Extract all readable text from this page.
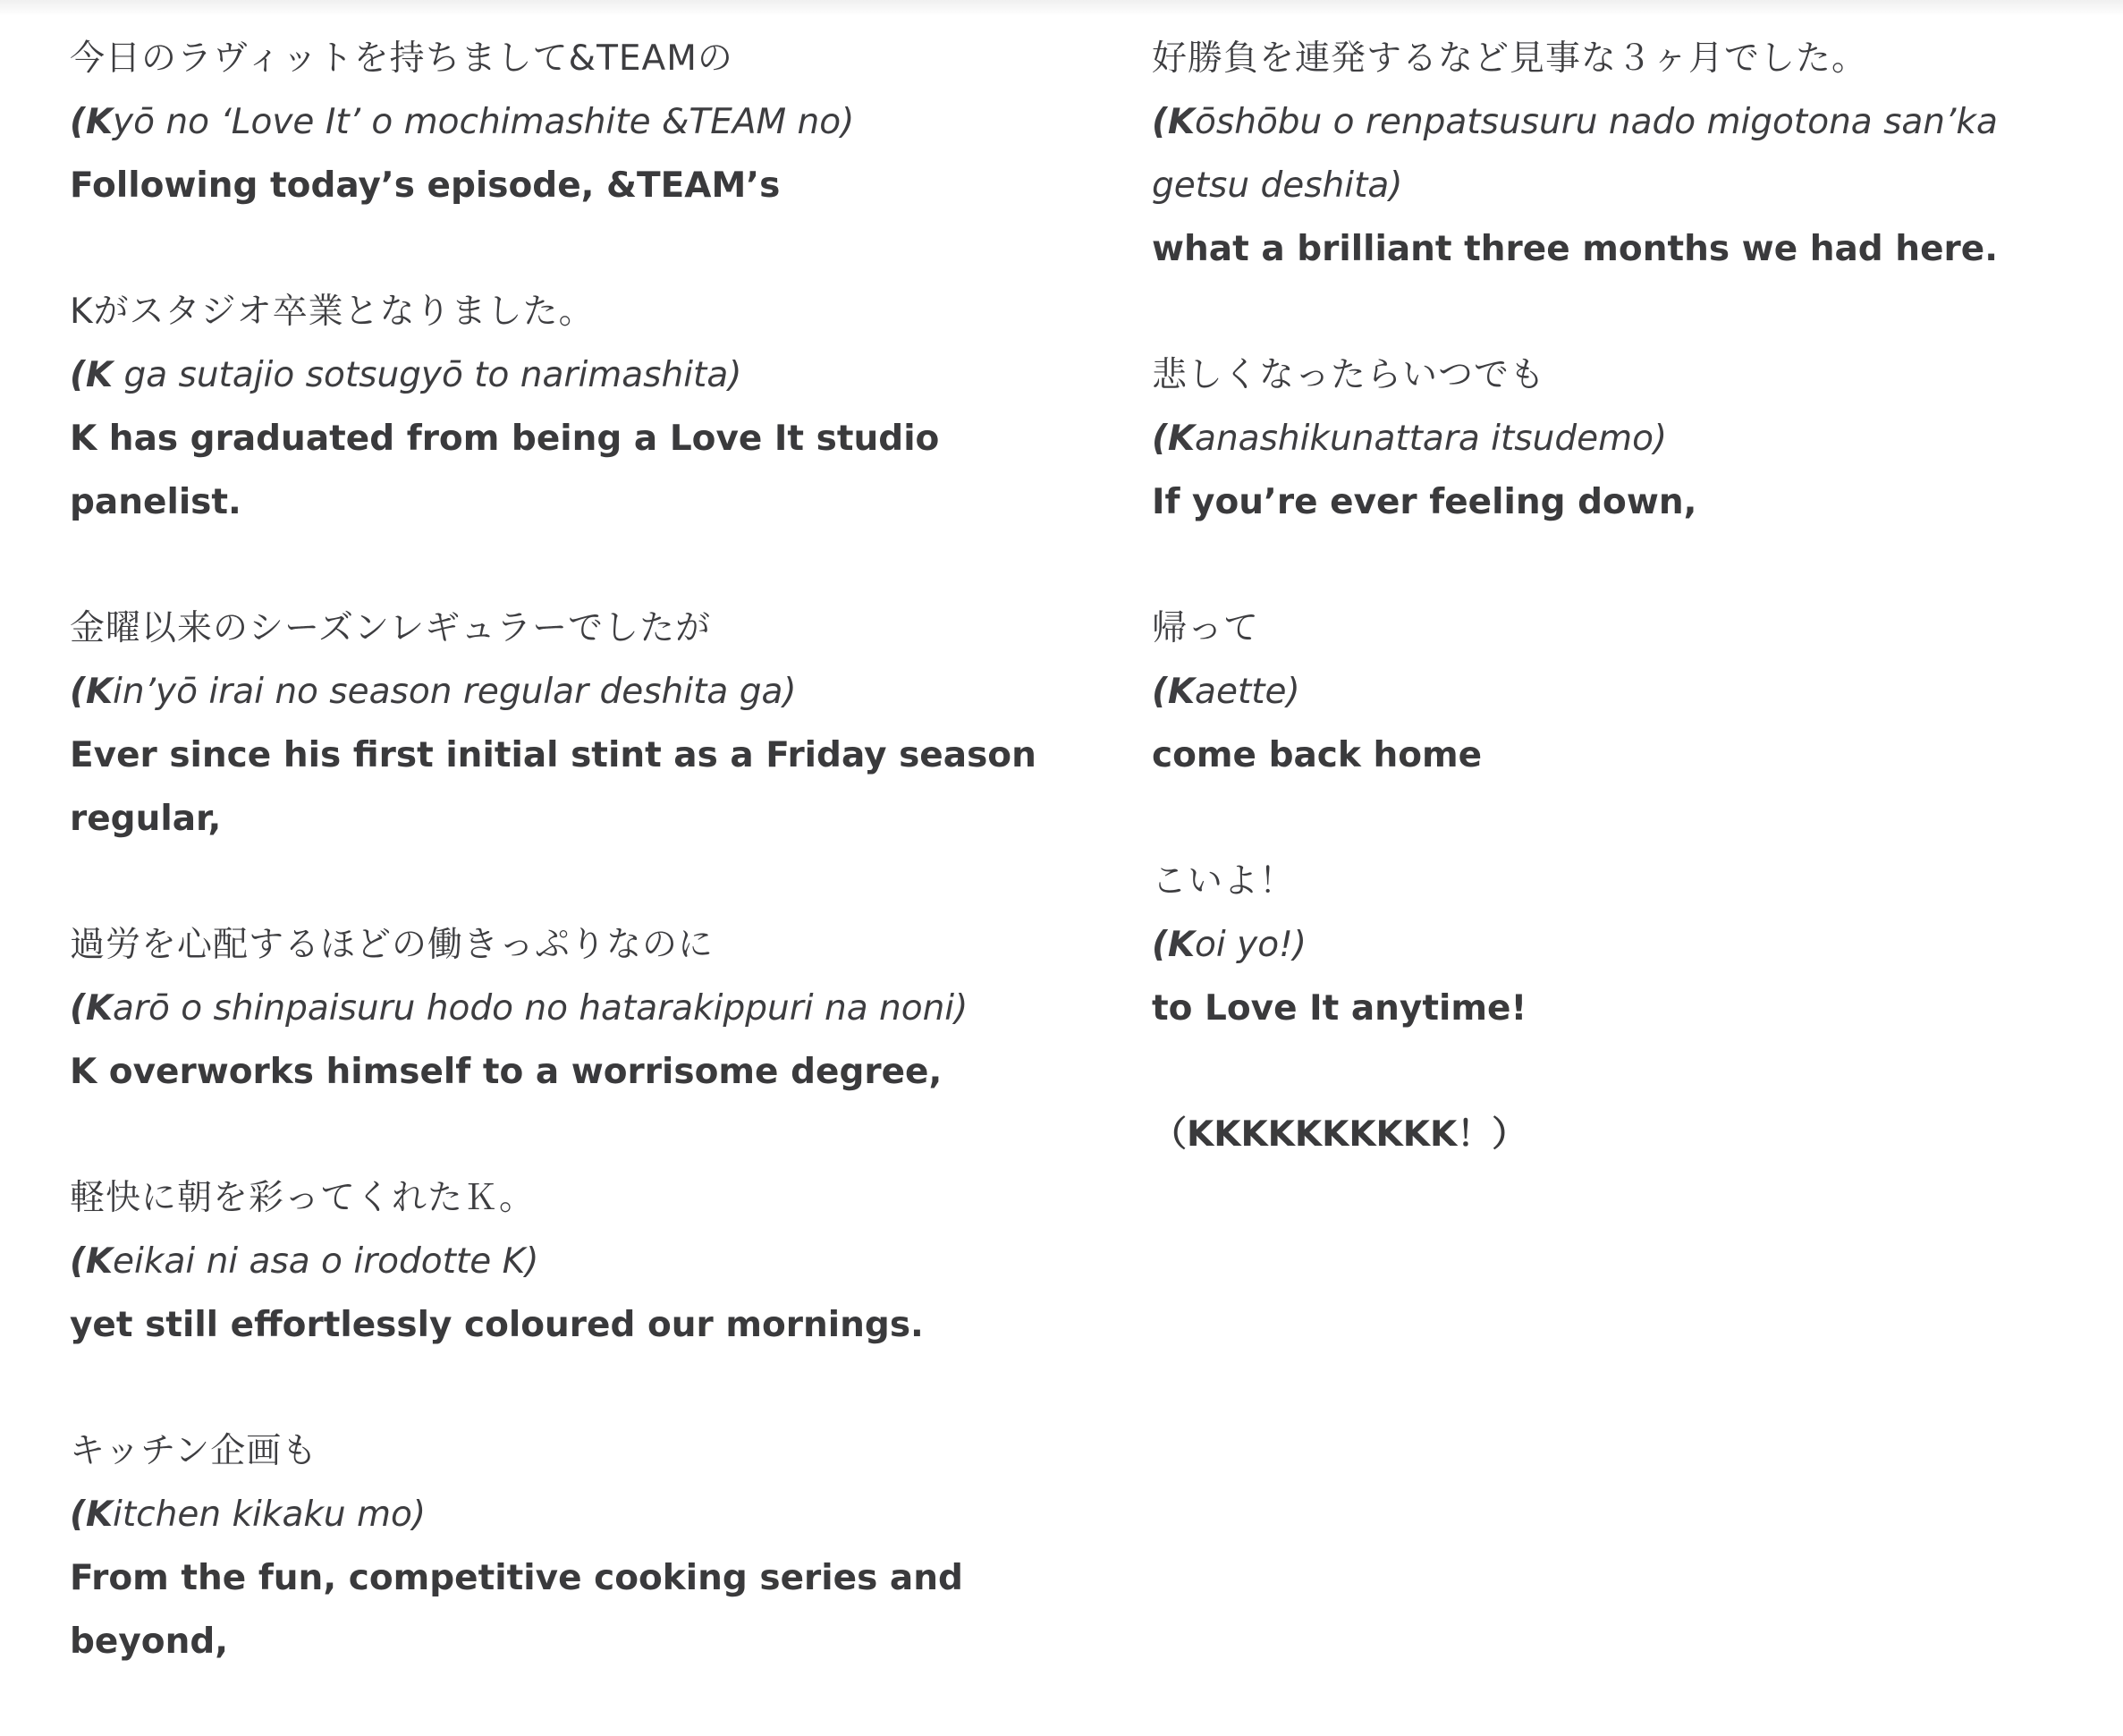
今日のラヴィットを持ちまして&TEAMの
(Kyō no ‘Love It’ o mochimashite &TEAM no)
Following today’s episode, &TEAM’s
Kがスタジオ卒業となりました。
(K ga sutajio sotsugyō to narimashita)
K has graduated from being a Love It studio
panelist.
金曜以来のシーズンレギュラーでしたが
(Kin’yō irai no season regular deshita ga)
Ever since his first initial stint as a Friday season
regular,
過労を心配するほどの働きっぷりなのに
(Karō o shinpaisuru hodo no hatarakippuri na noni)
K overworks himself to a worrisome degree,
軽快に朝を彩ってくれたＫ。
(Keikai ni asa o irodotte K)
yet still effortlessly coloured our mornings.
キッチン企画も
(Kitchen kikaku mo)
From the fun, competitive cooking series and
beyond,
好勝負を連発するなど見事な３ヶ月でした。
(Kōshōbu o renpatsusuru nado migotona san’ka
getsu deshita)
what a brilliant three months we had here.
悲しくなったらいつでも
(Kanashikunattara itsudemo)
If you’re ever feeling down,
帰って
(Kaette)
come back home
こいよ！
(Koi yo!)
to Love It anytime!
（KKKKKKKKKK！）
